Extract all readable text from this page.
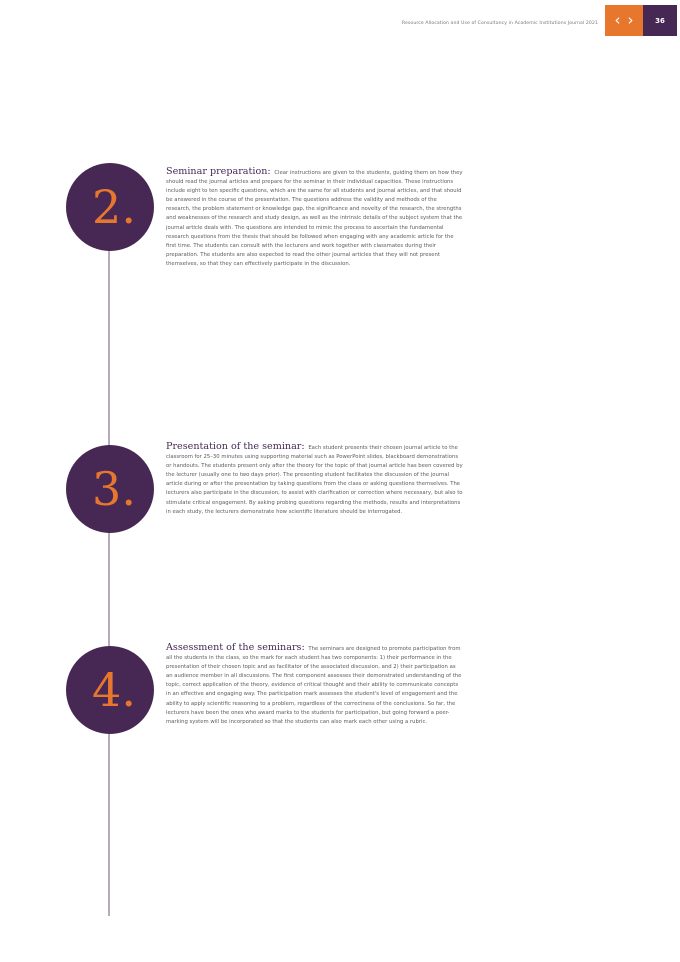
Resource Allocation and Use of Consultancy in Academic Institutions Journal 2021 ‹ ›	36
2.

Seminar preparation: Clear instructions are given to the students, guiding them on how they should read the journal articles and prepare for the seminar in their individual capacities. These instructions include eight to ten specific questions, which are the same for all students and journal articles, and that should be answered in the course of the presentation. The questions address the validity and methods of the research, the problem statement or knowledge gap, the significance and novelty of the research, the strengths and weaknesses of the research and study design, as well as the intrinsic details of the subject system that the journal article deals with. The questions are intended to mimic the process to ascertain the fundamental research questions from the thesis that should be followed when engaging with any academic article for the first time. The students can consult with the lecturers and work together with classmates during their preparation. The students are also expected to read the other journal articles that they will not present themselves, so that they can effectively participate in the discussion.

3.

Presentation of the seminar: Each student presents their chosen journal article to the classroom for 25–30 minutes using supporting material such as PowerPoint slides, blackboard demonstrations or handouts. The students present only after the theory for the topic of that journal article has been covered by the lecturer (usually one to two days prior). The presenting student facilitates the discussion of the journal article during or after the presentation by taking questions from the class or asking questions themselves. The lecturers also participate in the discussion, to assist with clarification or correction where necessary, but also to stimulate critical engagement. By asking probing questions regarding the methods, results and interpretations in each study, the lecturers demonstrate how scientific literature should be interrogated.

4.

Assessment of the seminars: The seminars are designed to promote participation from all the students in the class, so the mark for each student has two components: 1) their performance in the presentation of their chosen topic and as facilitator of the associated discussion, and 2) their participation as an audience member in all discussions. The first component assesses their demonstrated understanding of the topic, correct application of the theory, evidence of critical thought and their ability to communicate concepts in an effective and engaging way. The participation mark assesses the student's level of engagement and the ability to apply scientific reasoning to a problem, regardless of the correctness of the conclusions. So far, the lecturers have been the ones who award marks to the students for participation, but going forward a peer-marking system will be incorporated so that the students can also mark each other using a rubric.
